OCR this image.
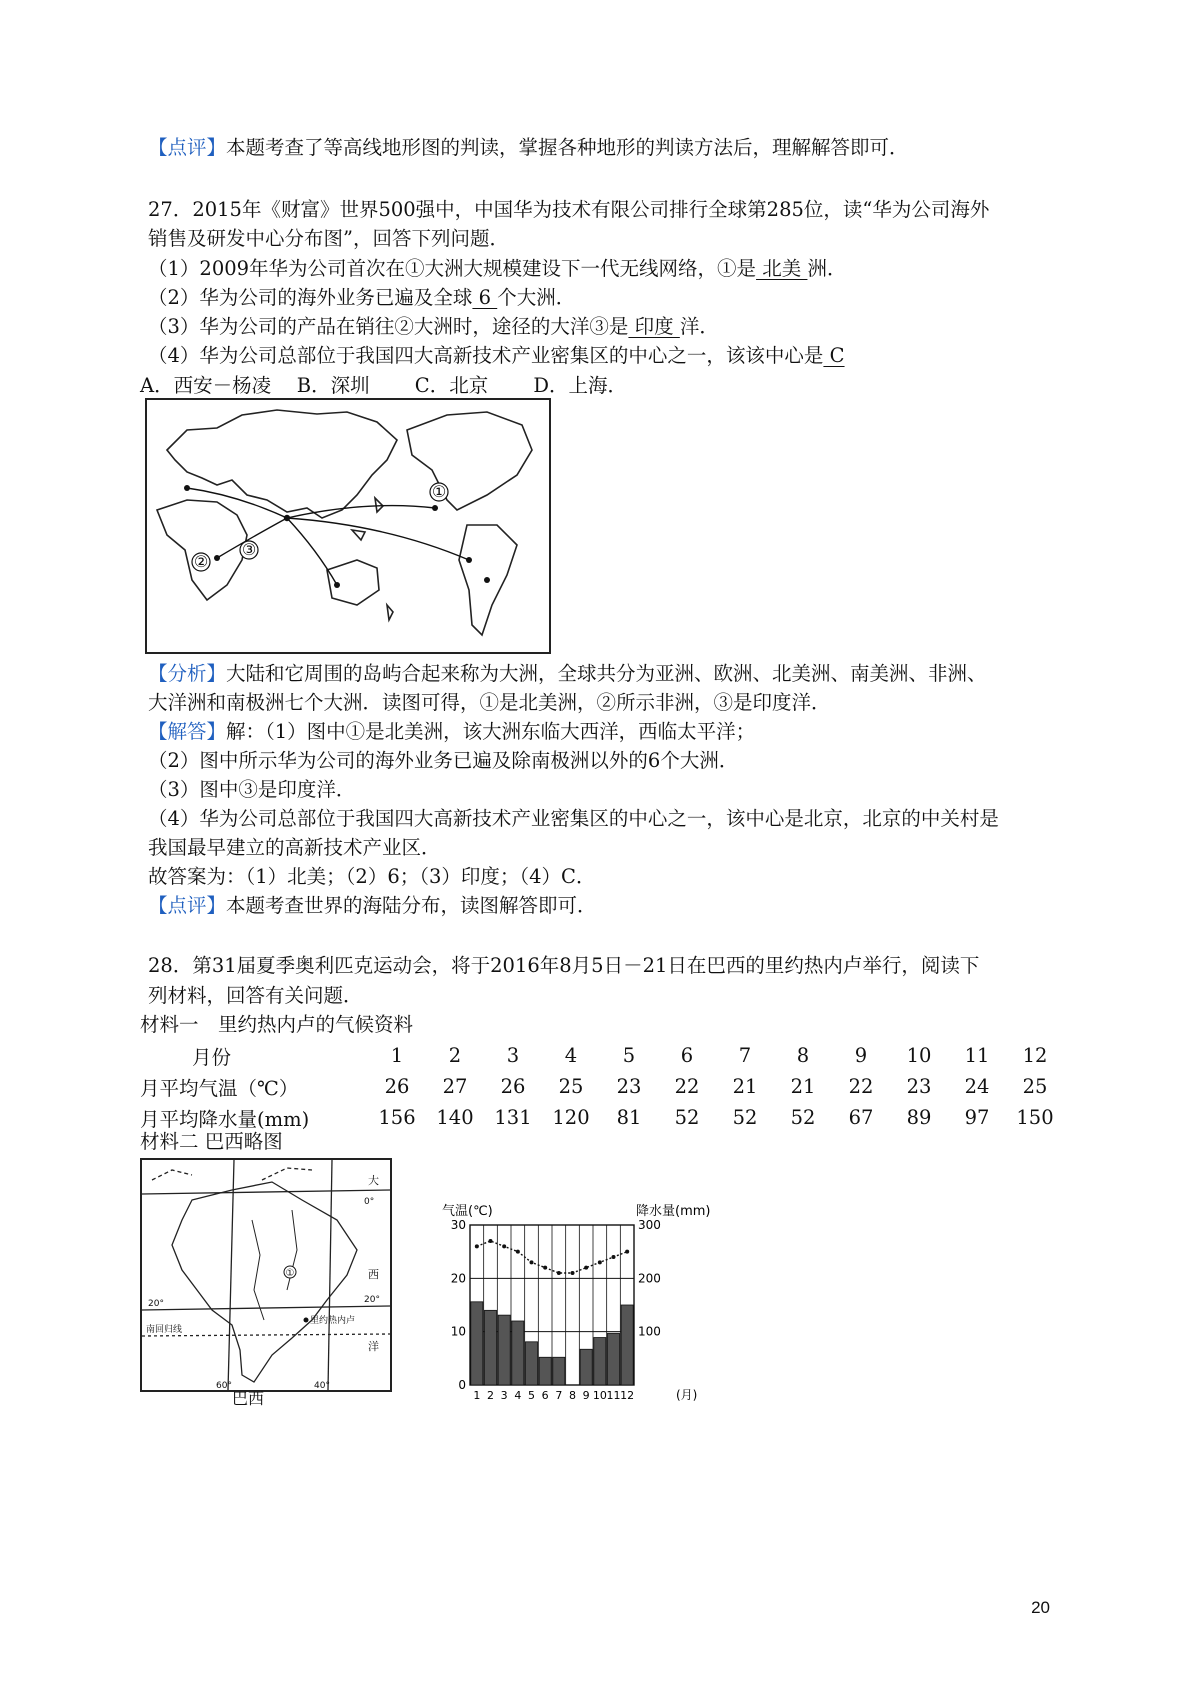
【点评】本题考查了等高线地形图的判读，掌握各种地形的判读方法后，理解解答即可．
27．2015年《财富》世界500强中，中国华为技术有限公司排行全球第285位，读“华为公司海外
销售及研发中心分布图”，回答下列问题．
（1）2009年华为公司首次在①大洲大规模建设下一代无线网络，①是 北美 洲．
（2）华为公司的海外业务已遍及全球 6 个大洲．
（3）华为公司的产品在销往②大洲时，途径的大洋③是 印度 洋．
（4）华为公司总部位于我国四大高新技术产业密集区的中心之一，该该中心是 C
A．西安－杨凌　 B．深圳　　 C．北京　　 D．上海．
①
②
③
【分析】大陆和它周围的岛屿合起来称为大洲，全球共分为亚洲、欧洲、北美洲、南美洲、非洲、
大洋洲和南极洲七个大洲．读图可得，①是北美洲，②所示非洲，③是印度洋．
【解答】解：（1）图中①是北美洲，该大洲东临大西洋，西临太平洋；
（2）图中所示华为公司的海外业务已遍及除南极洲以外的6个大洲．
（3）图中③是印度洋．
（4）华为公司总部位于我国四大高新技术产业密集区的中心之一，该中心是北京，北京的中关村是
我国最早建立的高新技术产业区．
故答案为：（1）北美；（2）6；（3）印度；（4）C．
【点评】本题考查世界的海陆分布，读图解答即可．
28．第31届夏季奥利匹克运动会，将于2016年8月5日－21日在巴西的里约热内卢举行，阅读下
列材料，回答有关问题．
材料一　里约热内卢的气候资料
月份	1	2	3	4	5	6	7	8	9	10	11	12
月平均气温（℃）	26	27	26	25	23	22	21	21	22	23	24	25
月平均降水量(mm)	156	140	131	120	81	52	52	52	67	89	97	150
材料二 巴西略图
①
大
西
洋
0°
20°	20°
60°	40°
南回归线
里约热内卢
巴西
气温(℃)	降水量(mm)
0
10
20
30
100
200
300
1 2 3 4 5 6 7 8 9 10 11 12	(月)
20
